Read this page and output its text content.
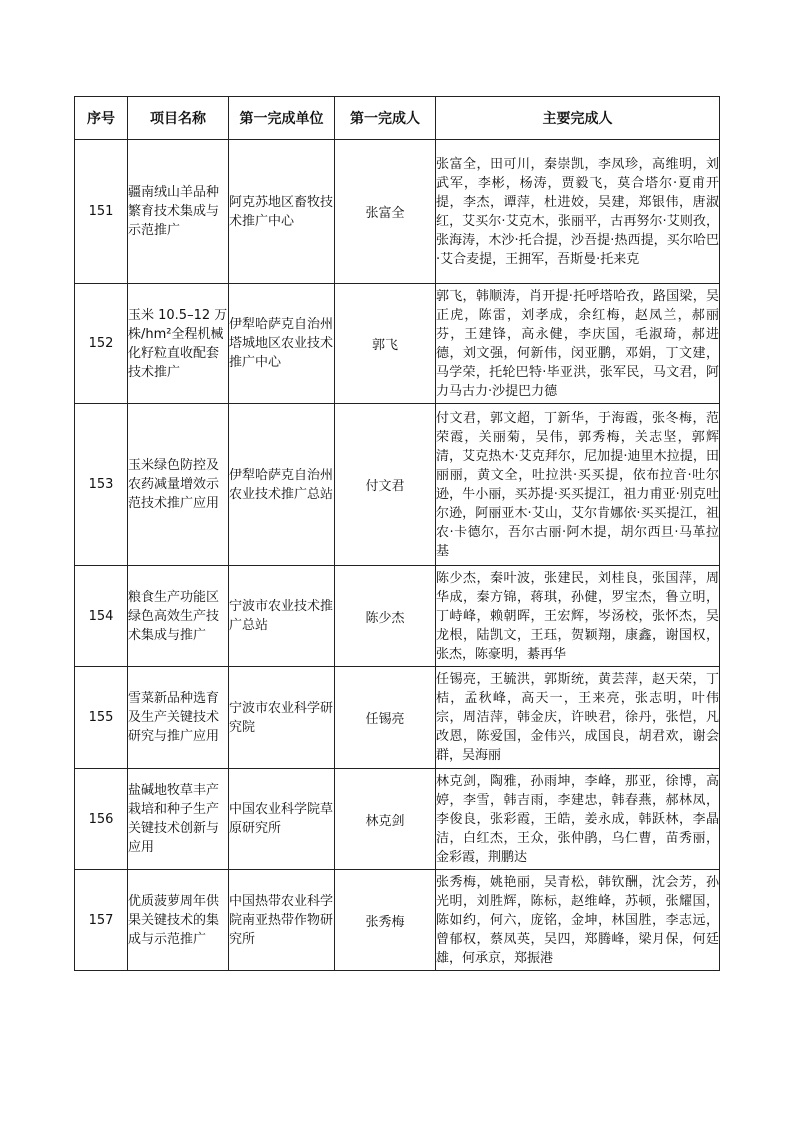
序号	项目名称	第一完成单位	第一完成人	主要完成人
151	疆南绒山羊品种繁育技术集成与示范推广	阿克苏地区畜牧技术推广中心	张富全	张富全，田可川，秦崇凯，李凤珍，高维明，刘武军，李彬，杨涛，贾毅飞，莫合塔尔·夏甫开提，李杰，谭萍，杜进姣，吴建，郑银伟，唐淑红，艾买尔·艾克木，张丽平，古再努尔·艾则孜，张海涛，木沙·托合提，沙吾提·热西提，买尔哈巴·艾合麦提，王拥军，吾斯曼·托来克
152	玉米 10.5–12 万株/hm²全程机械化籽粒直收配套技术推广	伊犁哈萨克自治州塔城地区农业技术推广中心	郭飞	郭飞，韩顺涛，肖开提·托呼塔哈孜，路国梁，吴正虎，陈雷，刘孝成，余红梅，赵凤兰，郝丽芬，王建锋，高永健，李庆国，毛淑琦，郝进德，刘文强，何新伟，闵亚鹏，邓娟，丁文建，马学荣，托轮巴特·毕亚洪，张军民，马文君，阿力马古力·沙提巴力德
153	玉米绿色防控及农药减量增效示范技术推广应用	伊犁哈萨克自治州农业技术推广总站	付文君	付文君，郭文超，丁新华，于海霞，张冬梅，范荣霞，关丽菊，吴伟，郭秀梅，关志坚，郭辉清，艾克热木·艾克拜尔，尼加提·迪里木拉提，田丽丽，黄文全，吐拉洪·买买提，依布拉音·吐尔逊，牛小丽，买苏提·买买提江，祖力甫亚·别克吐尔逊，阿丽亚木·艾山，艾尔肯娜依·买买提江，祖农·卡德尔，吾尔古丽·阿木提，胡尔西旦·马革拉基
154	粮食生产功能区绿色高效生产技术集成与推广	宁波市农业技术推广总站	陈少杰	陈少杰，秦叶波，张建民，刘桂良，张国萍，周华成，秦方锦，蒋琪，孙健，罗宝杰，鲁立明，丁峙峰，赖朝晖，王宏辉，岑汤校，张怀杰，吴龙根，陆凯文，王珏，贺颖翔，康鑫，谢国权，张杰，陈豪明，綦再华
155	雪菜新品种选育及生产关键技术研究与推广应用	宁波市农业科学研究院	任锡亮	任锡亮，王毓洪，郭斯统，黄芸萍，赵天荣，丁桔，孟秋峰，高天一，王来亮，张志明，叶伟宗，周洁萍，韩金庆，许映君，徐丹，张恺，凡改恩，陈爱国，金伟兴，成国良，胡君欢，谢会群，吴海丽
156	盐碱地牧草丰产栽培和种子生产关键技术创新与应用	中国农业科学院草原研究所	林克剑	林克剑，陶雅，孙雨坤，李峰，那亚，徐博，高婷，李雪，韩吉雨，李建忠，韩春燕，郝林凤，李俊良，张彩霞，王皓，姜永成，韩跃林，李晶洁，白红杰，王众，张仲鹃，乌仁曹，苗秀丽，金彩霞，荆鹏达
157	优质菠萝周年供果关键技术的集成与示范推广	中国热带农业科学院南亚热带作物研究所	张秀梅	张秀梅，姚艳丽，吴青松，韩钦酬，沈会芳，孙光明，刘胜辉，陈标，赵维峰，苏顿，张耀国，陈如约，何六，庞铭，金坤，林国胜，李志远，曾郁权，蔡凤英，吴四，郑腾峰，梁月保，何廷雄，何承京，郑振港
